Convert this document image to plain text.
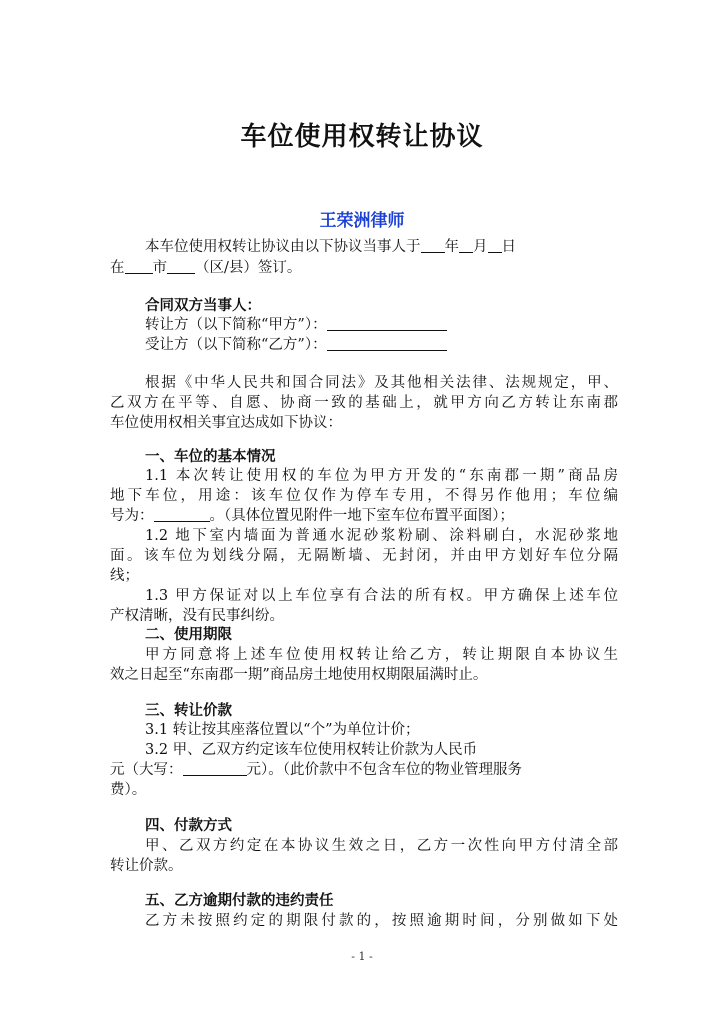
车位使用权转让协议
王荣洲律师
本车位使用权转让协议由以下协议当事人于 年 月 日
在 市 （区/县）签订。
合同双方当事人：
转让方（以下简称“甲方”）：
受让方（以下简称“乙方”）：
根据《中华人民共和国合同法》及其他相关法律、法规规定，甲、
乙双方在平等、自愿、协商一致的基础上，就甲方向乙方转让东南郡
车位使用权相关事宜达成如下协议：
一、车位的基本情况
1.1 本次转让使用权的车位为甲方开发的“东南郡一期”商品房
地下车位，用途：该车位仅作为停车专用，不得另作他用；车位编
号为：	。（具体位置见附件一地下室车位布置平面图）；
1.2 地下室内墙面为普通水泥砂浆粉刷、涂料刷白，水泥砂浆地
面。该车位为划线分隔，无隔断墙、无封闭，并由甲方划好车位分隔
线；
1.3 甲方保证对以上车位享有合法的所有权。甲方确保上述车位
产权清晰，没有民事纠纷。
二、使用期限
甲方同意将上述车位使用权转让给乙方，转让期限自本协议生
效之日起至“东南郡一期”商品房土地使用权期限届满时止。
三、转让价款
3.1 转让按其座落位置以“个”为单位计价；
3.2 甲、乙双方约定该车位使用权转让价款为人民币
元（大写：	元）。（此价款中不包含车位的物业管理服务
费）。
四、付款方式
甲、乙双方约定在本协议生效之日，乙方一次性向甲方付清全部
转让价款。
五、乙方逾期付款的违约责任
乙方未按照约定的期限付款的，按照逾期时间，分别做如下处
- 1 -
